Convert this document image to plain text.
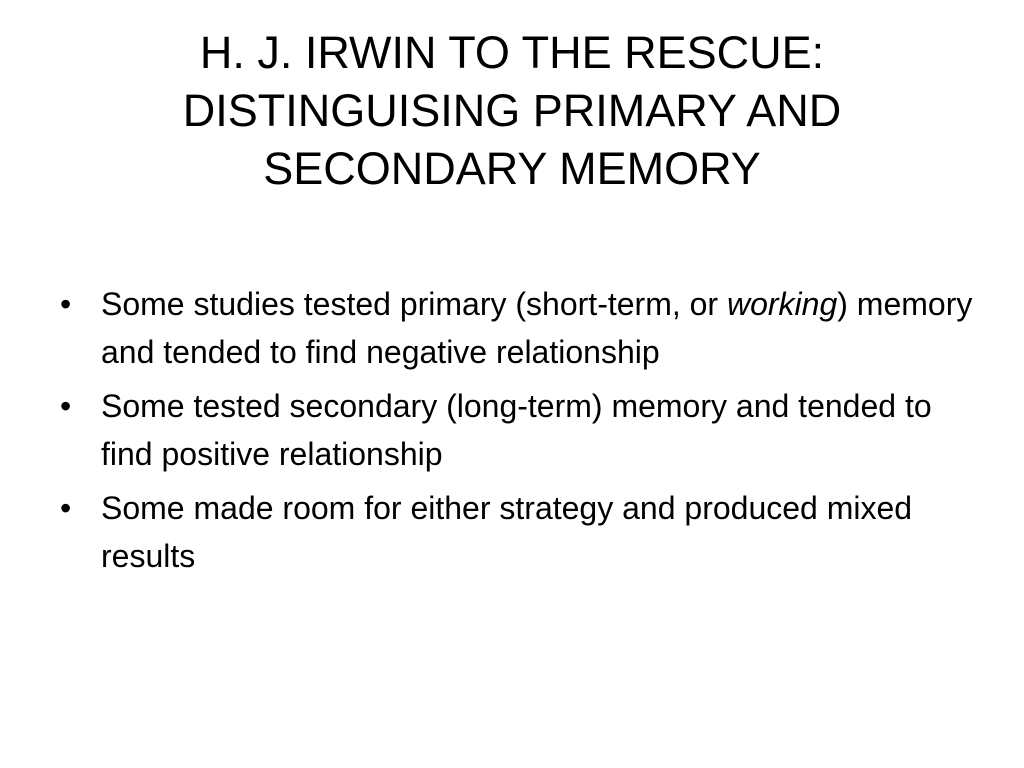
H. J. IRWIN TO THE RESCUE:
DISTINGUISING PRIMARY AND
SECONDARY MEMORY
• Some studies tested primary (short-term, or working) memory and tended to find negative relationship
• Some tested secondary (long-term) memory and tended to find positive relationship
• Some made room for either strategy and produced mixed results
